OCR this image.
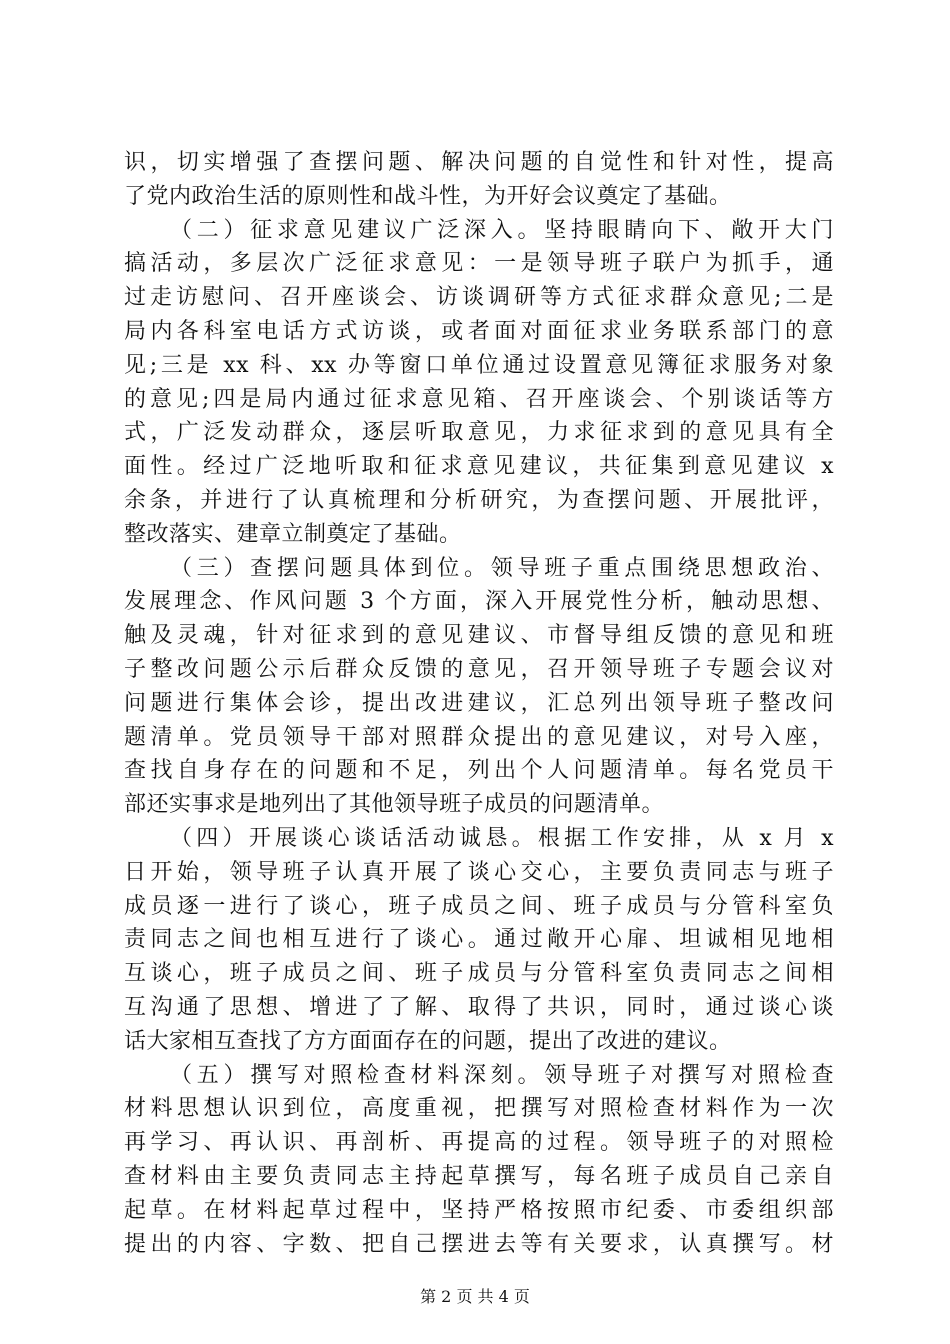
识，切实增强了查摆问题、解决问题的自觉性和针对性，提高
了党内政治生活的原则性和战斗性，为开好会议奠定了基础。
（二）征求意见建议广泛深入。坚持眼睛向下、敞开大门
搞活动，多层次广泛征求意见：一是领导班子联户为抓手，通
过走访慰问、召开座谈会、访谈调研等方式征求群众意见;二是
局内各科室电话方式访谈，或者面对面征求业务联系部门的意
见;三是 xx 科、xx 办等窗口单位通过设置意见簿征求服务对象
的意见;四是局内通过征求意见箱、召开座谈会、个别谈话等方
式，广泛发动群众，逐层听取意见，力求征求到的意见具有全
面性。经过广泛地听取和征求意见建议，共征集到意见建议 x
余条，并进行了认真梳理和分析研究，为查摆问题、开展批评，
整改落实、建章立制奠定了基础。
（三）查摆问题具体到位。领导班子重点围绕思想政治、
发展理念、作风问题 3 个方面，深入开展党性分析，触动思想、
触及灵魂，针对征求到的意见建议、市督导组反馈的意见和班
子整改问题公示后群众反馈的意见，召开领导班子专题会议对
问题进行集体会诊，提出改进建议，汇总列出领导班子整改问
题清单。党员领导干部对照群众提出的意见建议，对号入座，
查找自身存在的问题和不足，列出个人问题清单。每名党员干
部还实事求是地列出了其他领导班子成员的问题清单。
（四）开展谈心谈话活动诚恳。根据工作安排，从 x 月 x
日开始，领导班子认真开展了谈心交心，主要负责同志与班子
成员逐一进行了谈心，班子成员之间、班子成员与分管科室负
责同志之间也相互进行了谈心。通过敞开心扉、坦诚相见地相
互谈心，班子成员之间、班子成员与分管科室负责同志之间相
互沟通了思想、增进了了解、取得了共识，同时，通过谈心谈
话大家相互查找了方方面面存在的问题，提出了改进的建议。
（五）撰写对照检查材料深刻。领导班子对撰写对照检查
材料思想认识到位，高度重视，把撰写对照检查材料作为一次
再学习、再认识、再剖析、再提高的过程。领导班子的对照检
查材料由主要负责同志主持起草撰写，每名班子成员自己亲自
起草。在材料起草过程中，坚持严格按照市纪委、市委组织部
提出的内容、字数、把自己摆进去等有关要求，认真撰写。材
第 2 页 共 4 页
